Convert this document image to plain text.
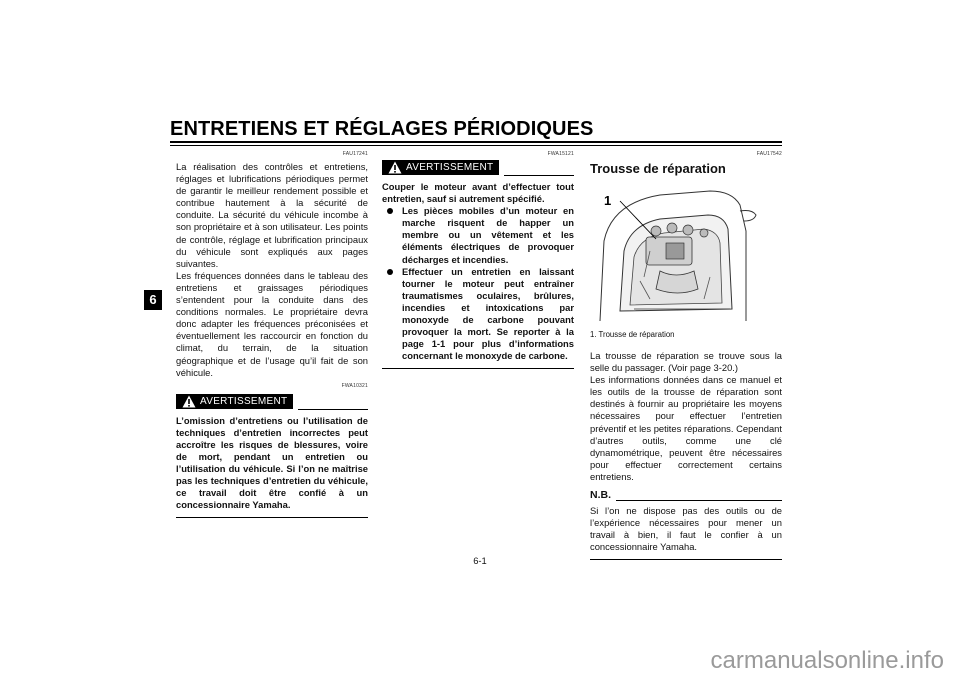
ENTRETIENS ET RÉGLAGES PÉRIODIQUES
6
FAU17241

La réalisation des contrôles et entretiens, réglages et lubrifications périodiques permet de garantir le meilleur rendement possible et contribue hautement à la sécurité de conduite. La sécurité du véhicule incombe à son propriétaire et à son utilisateur. Les points de contrôle, réglage et lubrification principaux du véhicule sont expliqués aux pages suivantes.

Les fréquences données dans le tableau des entretiens et graissages périodiques s’entendent pour la conduite dans des conditions normales. Le propriétaire devra donc adapter les fréquences préconisées et éventuellement les raccourcir en fonction du climat, du terrain, de la situation géographique et de l’usage qu’il fait de son véhicule.

FWA10321
AVERTISSEMENT

L’omission d’entretiens ou l’utilisation de techniques d’entretien incorrectes peut accroître les risques de blessures, voire de mort, pendant un entretien ou l’utilisation du véhicule. Si l’on ne maîtrise pas les techniques d’entretien du véhicule, ce travail doit être confié à un concessionnaire Yamaha.

FWA15121
AVERTISSEMENT

Couper le moteur avant d’effectuer tout entretien, sauf si autrement spécifié.

Les pièces mobiles d’un moteur en marche risquent de happer un membre ou un vêtement et les éléments électriques de provoquer décharges et incendies.
Effectuer un entretien en laissant tourner le moteur peut entraîner traumatismes oculaires, brûlures, incendies et intoxications par monoxyde de carbone pouvant provoquer la mort. Se reporter à la page 1-1 pour plus d’informations concernant le monoxyde de carbone.
FAU17542
Trousse de réparation
1
1. Trousse de réparation

La trousse de réparation se trouve sous la selle du passager. (Voir page 3-20.)

Les informations données dans ce manuel et les outils de la trousse de réparation sont destinés à fournir au propriétaire les moyens nécessaires pour effectuer l’entretien préventif et les petites réparations. Cependant d’autres outils, comme une clé dynamométrique, peuvent être nécessaires pour effectuer correctement certains entretiens.

N.B.

Si l’on ne dispose pas des outils ou de l’expérience nécessaires pour mener un travail à bien, il faut le confier à un concessionnaire Yamaha.

6-1
carmanualsonline.info
